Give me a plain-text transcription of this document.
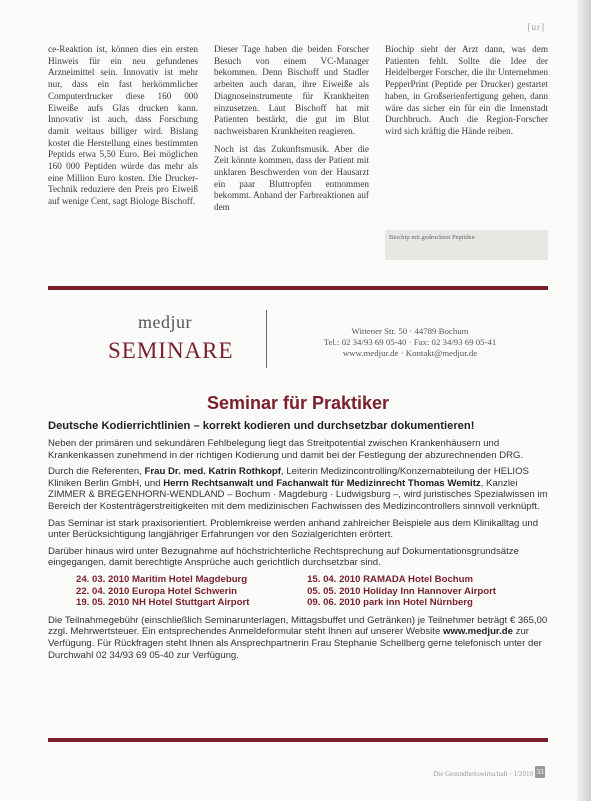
[ur]

ce-Reaktion ist, können dies ein ersten Hinweis für ein neu gefundenes Arzneimittel sein. Innovativ ist mehr nur, dass ein fast herkömmlicher Computerdrucker diese 160 000 Eiweiße aufs Glas drucken kann. Innovativ ist auch, dass Forschung damit weitaus billiger wird. Bislang kostet die Herstellung eines bestimmten Peptids etwa 5,50 Euro. Bei möglichen 160 000 Peptiden würde das mehr als eine Million Euro kosten. Die Drucker-Technik reduziere den Preis pro Eiweiß auf wenige Cent, sagt Biologe Bischoff.

Dieser Tage haben die beiden Forscher Besuch von einem VC-Manager bekommen. Denn Bischoff und Stadler arbeiten auch daran, ihre Eiweiße als Diagnoseinstrumente für Krankheiten einzusetzen. Laut Bischoff hat mit Patienten bestärkt, die gut im Blut nachweisbaren Krankheiten reagieren.

Noch ist das Zukunftsmusik. Aber die Zeit könnte kommen, dass der Patient mit unklaren Beschwerden von der Hausarzt ein paar Bluttropfen entnommen bekommt. Anhand der Farbreaktionen auf dem

Biochip sieht der Arzt dann, was dem Patienten fehlt. Sollte die Idee der Heidelberger Forscher, die ihr Unternehmen PepperPrint (Peptide per Drucker) gestartet haben, in Großserienfertigung gehen, dann wäre das sicher ein für ein die Innenstadt Durchbruch. Auch die Region-Forscher wird sich kräftig die Hände reiben.

Biochip mit gedruckten Peptiden
medjur
SEMINARE
Wittener Str. 50 · 44789 Bochum
Tel.: 02 34/93 69 05-40 · Fax: 02 34/93 69 05-41
www.medjur.de · Kontakt@medjur.de
Seminar für Praktiker
Deutsche Kodierrichtlinien – korrekt kodieren und durchsetzbar dokumentieren!

Neben der primären und sekundären Fehlbelegung liegt das Streitpotential zwischen Krankenhäusern und Krankenkassen zunehmend in der richtigen Kodierung und damit bei der Festlegung der abzurechnenden DRG.

Durch die Referenten, Frau Dr. med. Katrin Rothkopf, Leiterin Medizincontrolling/Konzernabteilung der HELIOS Kliniken Berlin GmbH, und Herrn Rechtsanwalt und Fachanwalt für Medizinrecht Thomas Wemitz, Kanzlei ZIMMER & BREGENHORN-WENDLAND – Bochum · Magdeburg · Ludwigsburg –, wird juristisches Spezialwissen im Bereich der Kostenträgerstreitigkeiten mit dem medizinischen Fachwissen des Medizincontrollers sinnvoll verknüpft.

Das Seminar ist stark praxisorientiert. Problemkreise werden anhand zahlreicher Beispiele aus dem Klinikalltag und unter Berücksichtigung langjähriger Erfahrungen vor den Sozialgerichten erörtert.

Darüber hinaus wird unter Bezugnahme auf höchstrichterliche Rechtsprechung auf Dokumentationsgrundsätze eingegangen, damit berechtigte Ansprüche auch gerichtlich durchsetzbar sind.

24. 03. 2010 Maritim Hotel Magdeburg
22. 04. 2010 Europa Hotel Schwerin
19. 05. 2010 NH Hotel Stuttgart Airport
15. 04. 2010 RAMADA Hotel Bochum
05. 05. 2010 Holiday Inn Hannover Airport
09. 06. 2010 park inn Hotel Nürnberg

Die Teilnahmegebühr (einschließlich Seminarunterlagen, Mittagsbuffet und Getränken) je Teilnehmer beträgt € 365,00 zzgl. Mehrwertsteuer. Ein entsprechendes Anmeldeformular steht Ihnen auf unserer Website www.medjur.de zur Verfügung. Für Rückfragen steht Ihnen als Ansprechpartnerin Frau Stephanie Schellberg gerne telefonisch unter der Durchwahl 02 34/93 69 05-40 zur Verfügung.

Die Gesundheitswirtschaft · 1/2010 33
